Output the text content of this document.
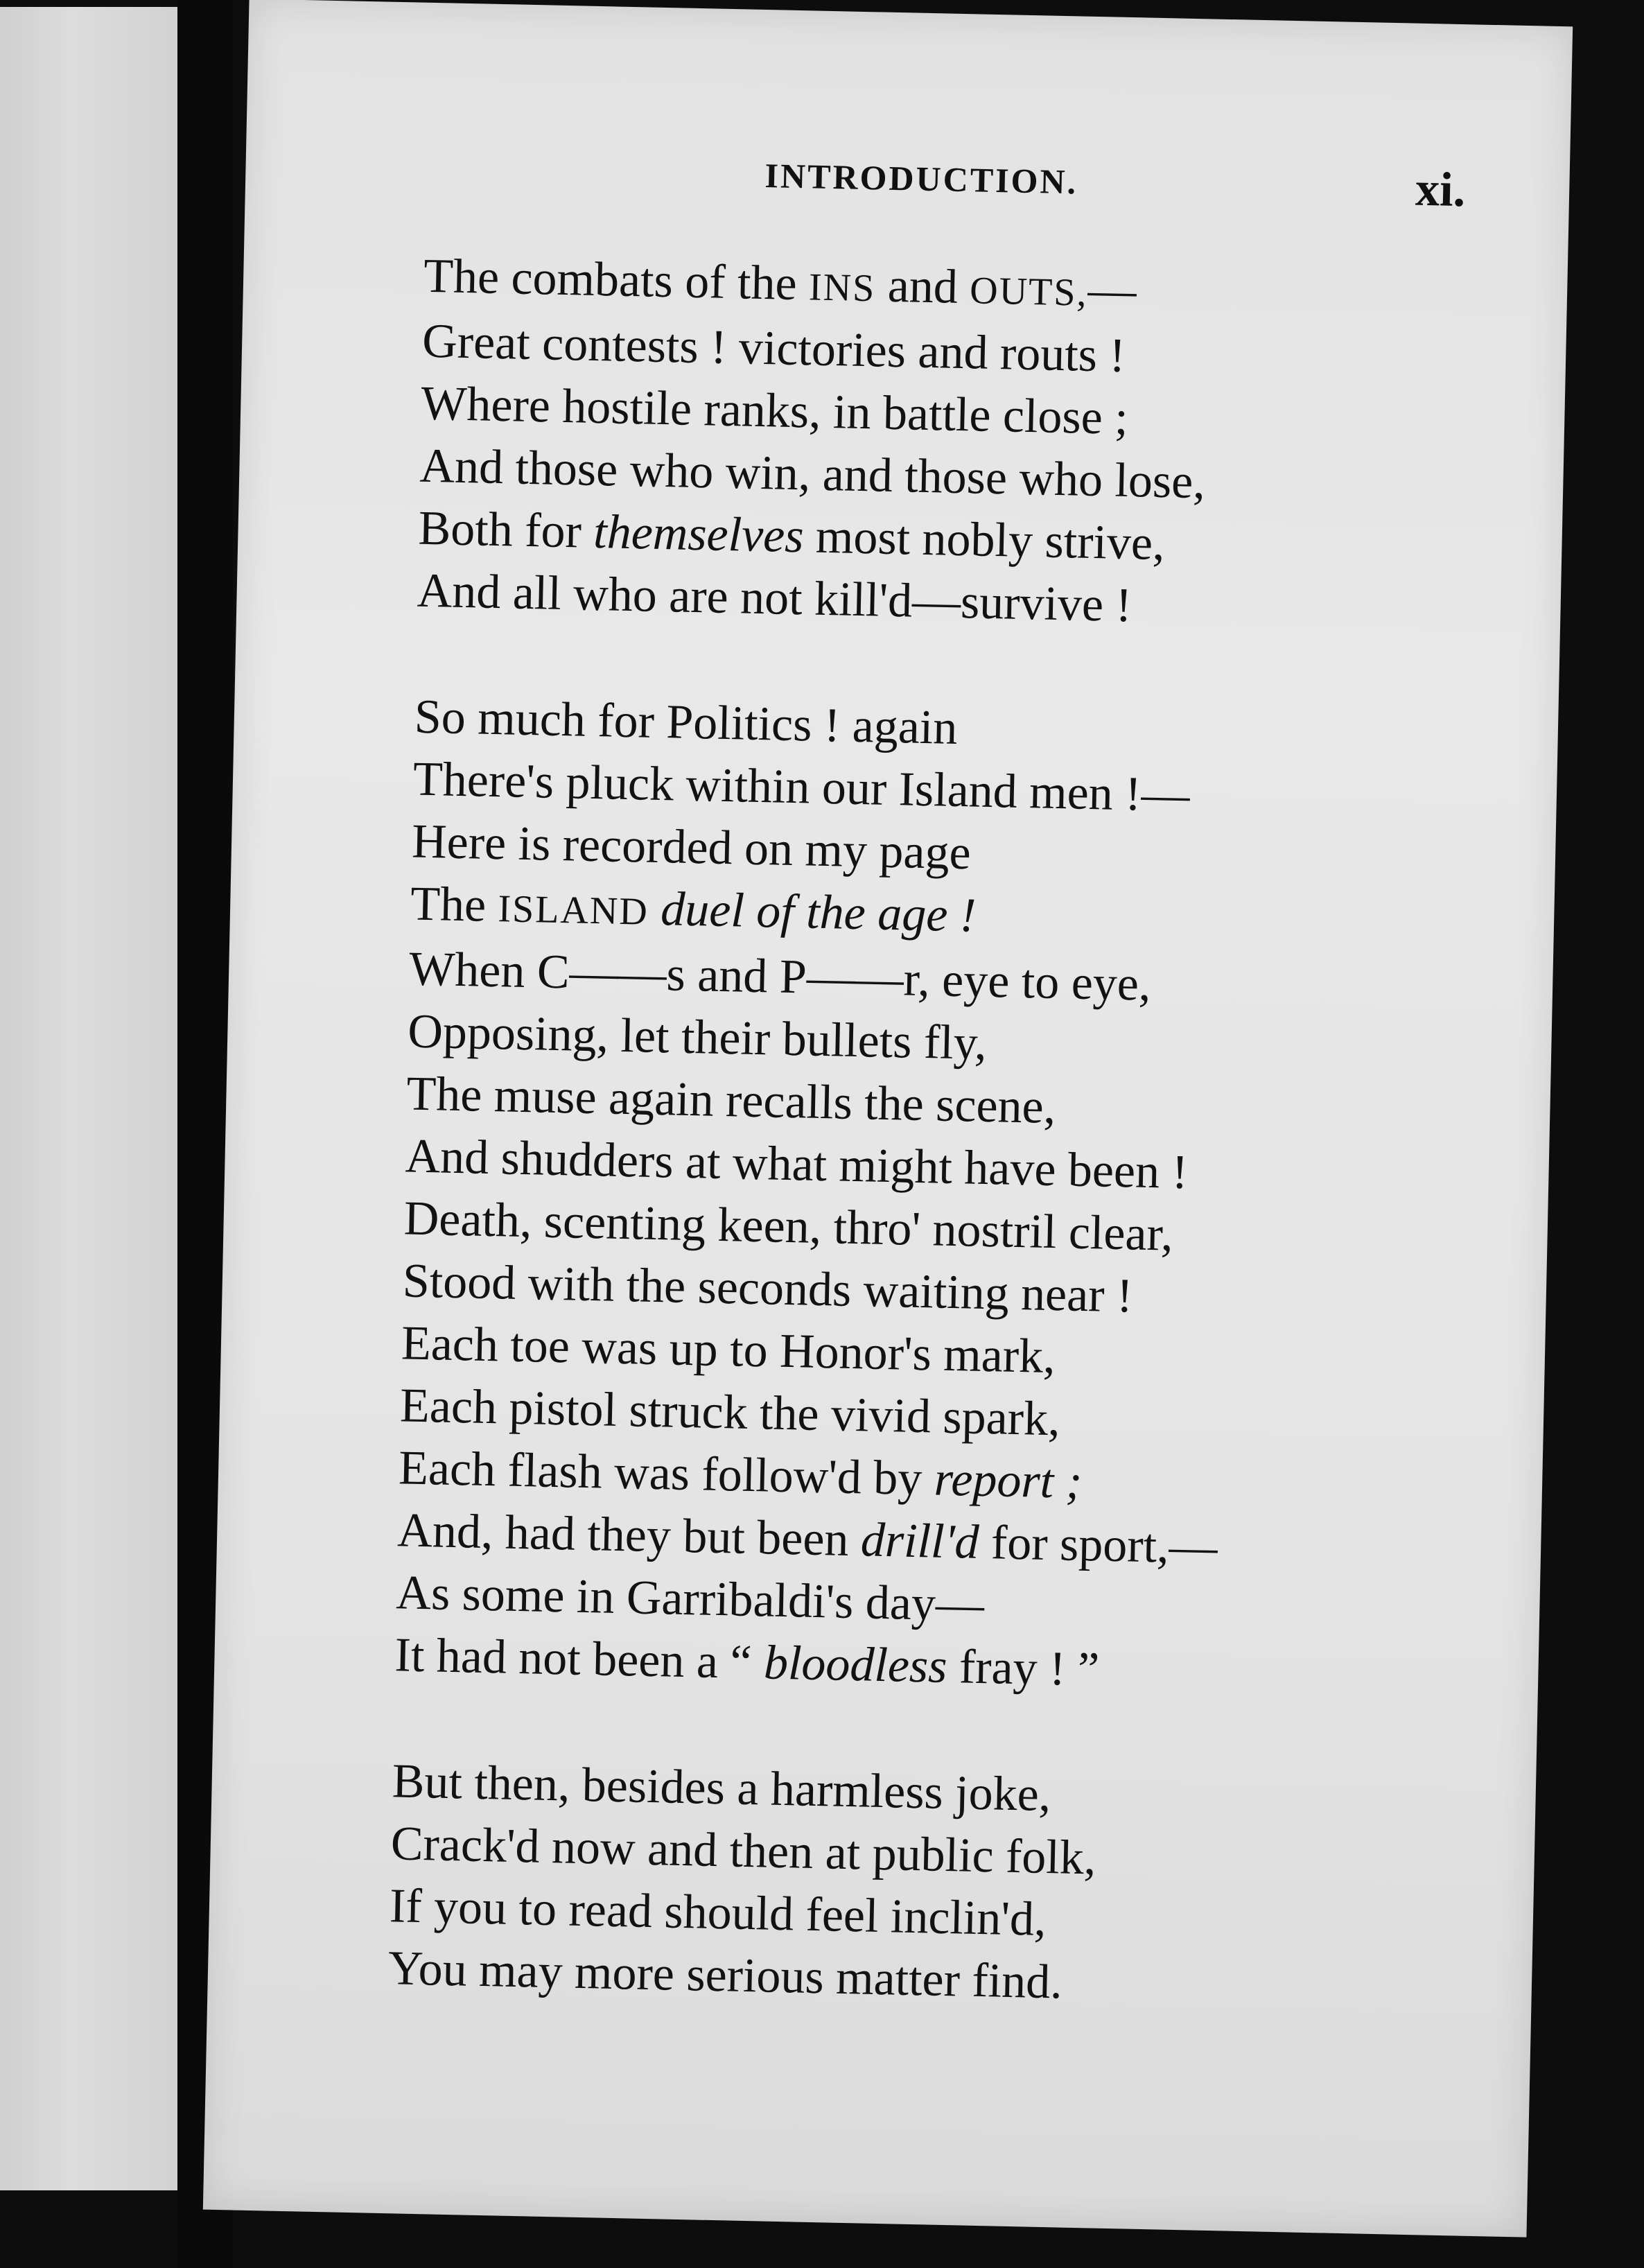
INTRODUCTION.	xi.
The combats of the INS and OUTS,—
Great contests ! victories and routs !
Where hostile ranks, in battle close ;
And those who win, and those who lose,
Both for themselves most nobly strive,
And all who are not kill'd—survive !
So much for Politics ! again
There's pluck within our Island men !—
Here is recorded on my page
The ISLAND duel of the age !
When C——s and P——r, eye to eye,
Opposing, let their bullets fly,
The muse again recalls the scene,
And shudders at what might have been !
Death, scenting keen, thro' nostril clear,
Stood with the seconds waiting near !
Each toe was up to Honor's mark,
Each pistol struck the vivid spark,
Each flash was follow'd by report ;
And, had they but been drill'd for sport,—
As some in Garribaldi's day—
It had not been a “ bloodless fray ! ”
But then, besides a harmless joke,
Crack'd now and then at public folk,
If you to read should feel inclin'd,
You may more serious matter find.
